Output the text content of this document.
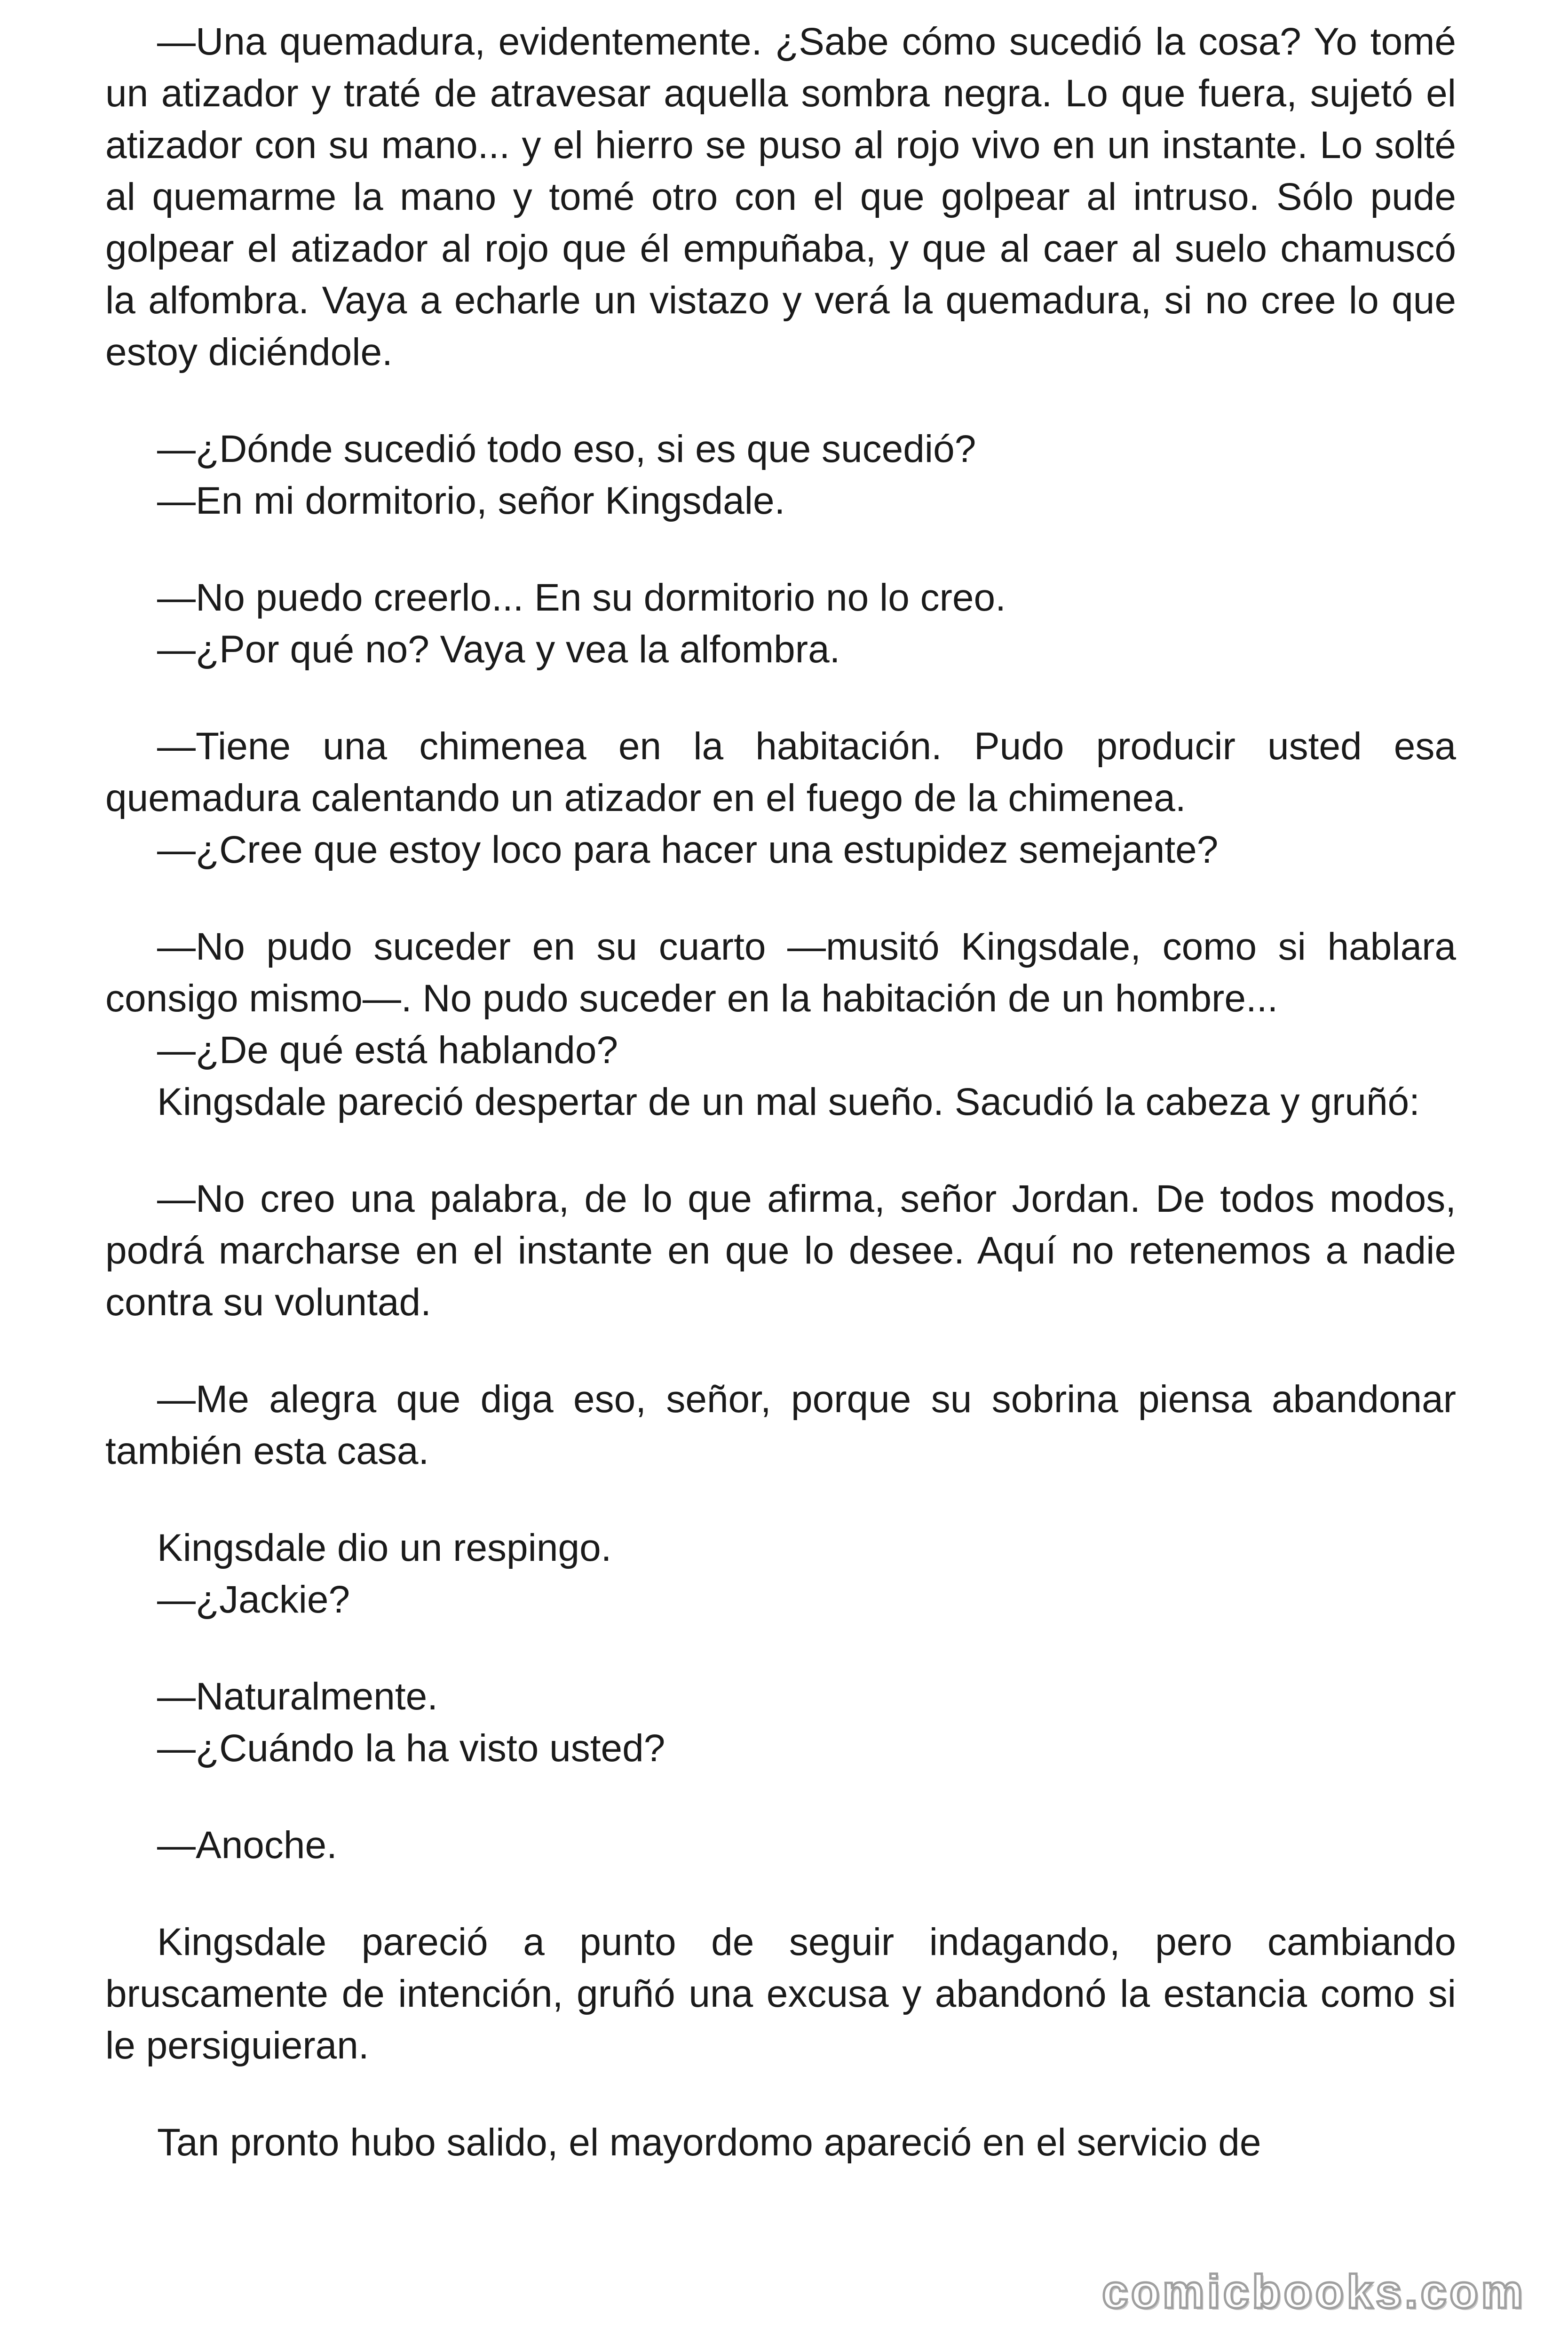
—Una quemadura, evidentemente. ¿Sabe cómo sucedió la cosa? Yo tomé un atizador y traté de atravesar aquella sombra negra. Lo que fuera, sujetó el atizador con su mano... y el hierro se puso al rojo vivo en un instante. Lo solté al quemarme la mano y tomé otro con el que golpear al intruso. Sólo pude golpear el atizador al rojo que él empuñaba, y que al caer al suelo chamuscó la alfombra. Vaya a echarle un vistazo y verá la quemadura, si no cree lo que estoy diciéndole.

—¿Dónde sucedió todo eso, si es que sucedió?

—En mi dormitorio, señor Kingsdale.

—No puedo creerlo... En su dormitorio no lo creo.

—¿Por qué no? Vaya y vea la alfombra.

—Tiene una chimenea en la habitación. Pudo producir usted esa quemadura calentando un atizador en el fuego de la chimenea.

—¿Cree que estoy loco para hacer una estupidez semejante?

—No pudo suceder en su cuarto —musitó Kingsdale, como si hablara consigo mismo—. No pudo suceder en la habitación de un hombre...

—¿De qué está hablando?

Kingsdale pareció despertar de un mal sueño. Sacudió la cabeza y gruñó:

—No creo una palabra, de lo que afirma, señor Jordan. De todos modos, podrá marcharse en el instante en que lo desee. Aquí no retenemos a nadie contra su voluntad.

—Me alegra que diga eso, señor, porque su sobrina piensa abandonar también esta casa.

Kingsdale dio un respingo.

—¿Jackie?

—Naturalmente.

—¿Cuándo la ha visto usted?

—Anoche.

Kingsdale pareció a punto de seguir indagando, pero cambiando bruscamente de intención, gruñó una excusa y abandonó la estancia como si le persiguieran.

Tan pronto hubo salido, el mayordomo apareció en el servicio de

comicbooks.com
